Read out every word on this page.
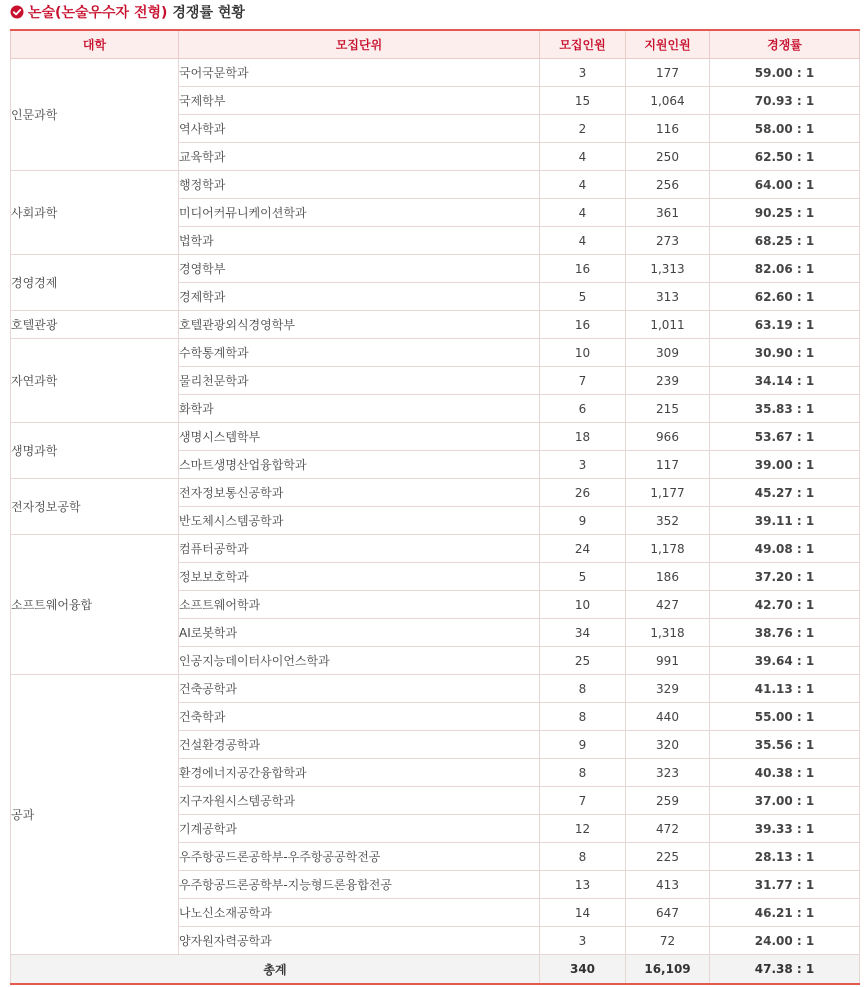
논술(논술우수자 전형) 경쟁률 현황
대학	모집단위	모집인원	지원인원	경쟁률
인문과학	국어국문학과	3	177	59.00 : 1
	국제학부	15	1,064	70.93 : 1
	역사학과	2	116	58.00 : 1
	교육학과	4	250	62.50 : 1
사회과학	행정학과	4	256	64.00 : 1
	미디어커뮤니케이션학과	4	361	90.25 : 1
	법학과	4	273	68.25 : 1
경영경제	경영학부	16	1,313	82.06 : 1
	경제학과	5	313	62.60 : 1
호텔관광	호텔관광외식경영학부	16	1,011	63.19 : 1
자연과학	수학통계학과	10	309	30.90 : 1
	물리천문학과	7	239	34.14 : 1
	화학과	6	215	35.83 : 1
생명과학	생명시스템학부	18	966	53.67 : 1
	스마트생명산업융합학과	3	117	39.00 : 1
전자정보공학	전자정보통신공학과	26	1,177	45.27 : 1
	반도체시스템공학과	9	352	39.11 : 1
소프트웨어융합	컴퓨터공학과	24	1,178	49.08 : 1
	정보보호학과	5	186	37.20 : 1
	소프트웨어학과	10	427	42.70 : 1
	AI로봇학과	34	1,318	38.76 : 1
	인공지능데이터사이언스학과	25	991	39.64 : 1
공과	건축공학과	8	329	41.13 : 1
	건축학과	8	440	55.00 : 1
	건설환경공학과	9	320	35.56 : 1
	환경에너지공간융합학과	8	323	40.38 : 1
	지구자원시스템공학과	7	259	37.00 : 1
	기계공학과	12	472	39.33 : 1
	우주항공드론공학부-우주항공공학전공	8	225	28.13 : 1
	우주항공드론공학부-지능형드론융합전공	13	413	31.77 : 1
	나노신소재공학과	14	647	46.21 : 1
	양자원자력공학과	3	72	24.00 : 1
총계		340	16,109	47.38 : 1
